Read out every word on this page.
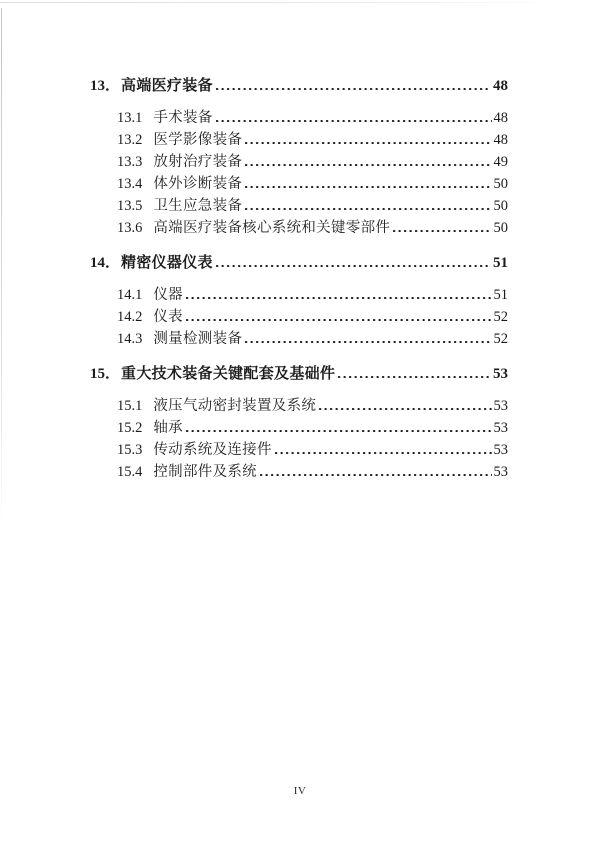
13． 高端医疗装备	48
13.1 手术装备	48
13.2 医学影像装备	48
13.3 放射治疗装备	49
13.4 体外诊断装备	50
13.5 卫生应急装备	50
13.6 高端医疗装备核心系统和关键零部件	50
14． 精密仪器仪表	51
14.1 仪器	51
14.2 仪表	52
14.3 测量检测装备	52
15． 重大技术装备关键配套及基础件	53
15.1 液压气动密封装置及系统	53
15.2 轴承	53
15.3 传动系统及连接件	53
15.4 控制部件及系统	53
IV
